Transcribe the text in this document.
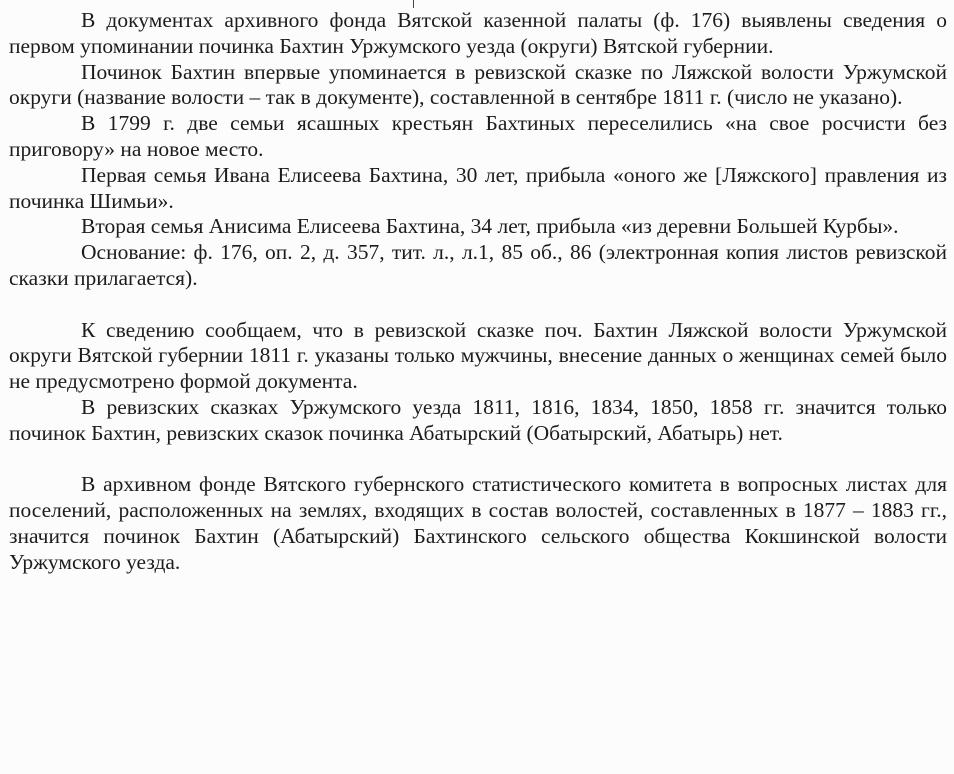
В документах архивного фонда Вятской казенной палаты (ф. 176) выявлены сведения о первом упоминании починка Бахтин Уржумского уезда (округи) Вятской губернии.

Починок Бахтин впервые упоминается в ревизской сказке по Ляжской волости Уржумской округи (название волости – так в документе), составленной в сентябре 1811 г. (число не указано).

В 1799 г. две семьи ясашных крестьян Бахтиных переселились «на свое росчисти без приговору» на новое место.

Первая семья Ивана Елисеева Бахтина, 30 лет, прибыла «оного же [Ляжского] правления из починка Шимьи».

Вторая семья Анисима Елисеева Бахтина, 34 лет, прибыла «из деревни Большей Курбы».

Основание: ф. 176, оп. 2, д. 357, тит. л., л.1, 85 об., 86 (электронная копия листов ревизской сказки прилагается).

К сведению сообщаем, что в ревизской сказке поч. Бахтин Ляжской волости Уржумской округи Вятской губернии 1811 г. указаны только мужчины, внесение данных о женщинах семей было не предусмотрено формой документа.

В ревизских сказках Уржумского уезда 1811, 1816, 1834, 1850, 1858 гг. значится только починок Бахтин, ревизских сказок починка Абатырский (Обатырский, Абатырь) нет.

В архивном фонде Вятского губернского статистического комитета в вопросных листах для поселений, расположенных на землях, входящих в состав волостей, составленных в 1877 – 1883 гг., значится починок Бахтин (Абатырский) Бахтинского сельского общества Кокшинской волости Уржумского уезда.
